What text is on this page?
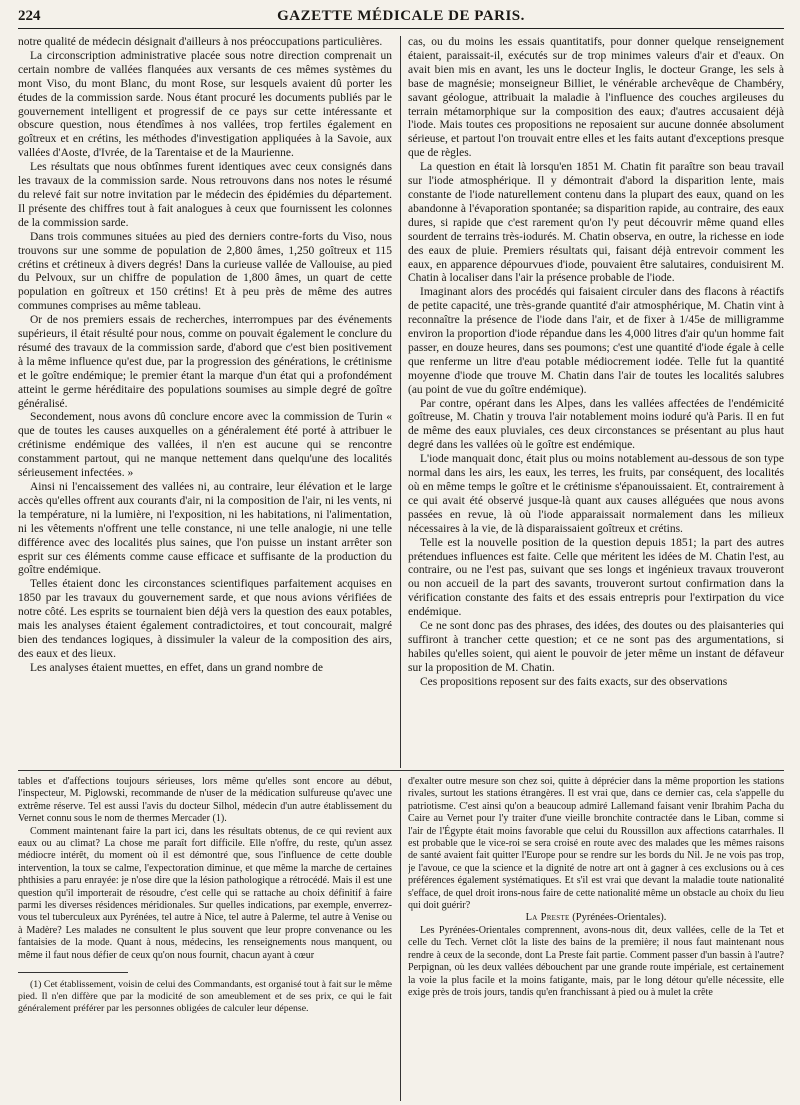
224	GAZETTE MÉDICALE DE PARIS.

notre qualité de médecin désignait d'ailleurs à nos préoccupations particulières.

La circonscription administrative placée sous notre direction comprenait un certain nombre de vallées flanquées aux versants de ces mêmes systèmes du mont Viso, du mont Blanc, du mont Rose, sur lesquels avaient dû porter les études de la commission sarde. Nous étant procuré les documents publiés par le gouvernement intelligent et progressif de ce pays sur cette intéressante et obscure question, nous étendîmes à nos vallées, trop fertiles également en goîtreux et en crétins, les méthodes d'investigation appliquées à la Savoie, aux vallées d'Aoste, d'Ivrée, de la Tarentaise et de la Maurienne.

Les résultats que nous obtînmes furent identiques avec ceux consignés dans les travaux de la commission sarde. Nous retrouvons dans nos notes le résumé du relevé fait sur notre invitation par le médecin des épidémies du département. Il présente des chiffres tout à fait analogues à ceux que fournissent les colonnes de la commission sarde.

Dans trois communes situées au pied des derniers contre-forts du Viso, nous trouvons sur une somme de population de 2,800 âmes, 1,250 goîtreux et 115 crétins et crétineux à divers degrés! Dans la curieuse vallée de Vallouise, au pied du Pelvoux, sur un chiffre de population de 1,800 âmes, un quart de cette population en goîtreux et 150 crétins! Et à peu près de même des autres communes comprises au même tableau.

Or de nos premiers essais de recherches, interrompues par des événements supérieurs, il était résulté pour nous, comme on pouvait également le conclure du résumé des travaux de la commission sarde, d'abord que c'est bien positivement à la même influence qu'est due, par la progression des générations, le crétinisme et le goître endémique; le premier étant la marque d'un état qui a profondément atteint le germe héréditaire des populations soumises au simple degré de goître généralisé.

Secondement, nous avons dû conclure encore avec la commission de Turin « que de toutes les causes auxquelles on a généralement été porté à attribuer le crétinisme endémique des vallées, il n'en est aucune qui se rencontre constamment partout, qui ne manque nettement dans quelqu'une des localités sérieusement infectées. »

Ainsi ni l'encaissement des vallées ni, au contraire, leur élévation et le large accès qu'elles offrent aux courants d'air, ni la composition de l'air, ni les vents, ni la température, ni la lumière, ni l'exposition, ni les habitations, ni l'alimentation, ni les vêtements n'offrent une telle constance, ni une telle analogie, ni une telle différence avec des localités plus saines, que l'on puisse un instant arrêter son esprit sur ces éléments comme cause efficace et suffisante de la production du goître endémique.

Telles étaient donc les circonstances scientifiques parfaitement acquises en 1850 par les travaux du gouvernement sarde, et que nous avions vérifiées de notre côté. Les esprits se tournaient bien déjà vers la question des eaux potables, mais les analyses étaient également contradictoires, et tout concourait, malgré bien des tendances logiques, à dissimuler la valeur de la composition des airs, des eaux et des lieux.

Les analyses étaient muettes, en effet, dans un grand nombre de

cas, ou du moins les essais quantitatifs, pour donner quelque renseignement étaient, paraissait-il, exécutés sur de trop minimes valeurs d'air et d'eaux. On avait bien mis en avant, les uns le docteur Inglis, le docteur Grange, les sels à base de magnésie; monseigneur Billiet, le vénérable archevêque de Chambéry, savant géologue, attribuait la maladie à l'influence des couches argileuses du terrain métamorphique sur la composition des eaux; d'autres accusaient déjà l'iode. Mais toutes ces propositions ne reposaient sur aucune donnée absolument sérieuse, et partout l'on trouvait entre elles et les faits autant d'exceptions presque que de règles.

La question en était là lorsqu'en 1851 M. Chatin fit paraître son beau travail sur l'iode atmosphérique. Il y démontrait d'abord la disparition lente, mais constante de l'iode naturellement contenu dans la plupart des eaux, quand on les abandonne à l'évaporation spontanée; sa disparition rapide, au contraire, des eaux dures, si rapide que c'est rarement qu'on l'y peut découvrir même quand elles sourdent de terrains très-iodurés. M. Chatin observa, en outre, la richesse en iode des eaux de pluie. Premiers résultats qui, faisant déjà entrevoir comment les eaux, en apparence dépourvues d'iode, pouvaient être salutaires, conduisirent M. Chatin à localiser dans l'air la présence probable de l'iode.

Imaginant alors des procédés qui faisaient circuler dans des flacons à réactifs de petite capacité, une très-grande quantité d'air atmosphérique, M. Chatin vint à reconnaître la présence de l'iode dans l'air, et de fixer à 1/45e de milligramme environ la proportion d'iode répandue dans les 4,000 litres d'air qu'un homme fait passer, en douze heures, dans ses poumons; c'est une quantité d'iode égale à celle que renferme un litre d'eau potable médiocrement iodée. Telle fut la quantité moyenne d'iode que trouve M. Chatin dans l'air de toutes les localités salubres (au point de vue du goître endémique).

Par contre, opérant dans les Alpes, dans les vallées affectées de l'endémicité goîtreuse, M. Chatin y trouva l'air notablement moins ioduré qu'à Paris. Il en fut de même des eaux pluviales, ces deux circonstances se présentant au plus haut degré dans les vallées où le goître est endémique.

L'iode manquait donc, était plus ou moins notablement au-dessous de son type normal dans les airs, les eaux, les terres, les fruits, par conséquent, des localités où en même temps le goître et le crétinisme s'épanouissaient. Et, contrairement à ce qui avait été observé jusque-là quant aux causes alléguées que nous avons passées en revue, là où l'iode apparaissait normalement dans les milieux nécessaires à la vie, de là disparaissaient goîtreux et crétins.

Telle est la nouvelle position de la question depuis 1851; la part des autres prétendues influences est faite. Celle que méritent les idées de M. Chatin l'est, au contraire, ou ne l'est pas, suivant que ses longs et ingénieux travaux trouveront ou non accueil de la part des savants, trouveront surtout confirmation dans la vérification constante des faits et des essais entrepris pour l'extirpation du vice endémique.

Ce ne sont donc pas des phrases, des idées, des doutes ou des plaisanteries qui suffiront à trancher cette question; et ce ne sont pas des argumentations, si habiles qu'elles soient, qui aient le pouvoir de jeter même un instant de défaveur sur la proposition de M. Chatin.

Ces propositions reposent sur des faits exacts, sur des observations

tables et d'affections toujours sérieuses, lors même qu'elles sont encore au début, l'inspecteur, M. Piglowski, recommande de n'user de la médication sulfureuse qu'avec une extrême réserve. Tel est aussi l'avis du docteur Silhol, médecin d'un autre établissement du Vernet connu sous le nom de thermes Mercader (1).

Comment maintenant faire la part ici, dans les résultats obtenus, de ce qui revient aux eaux ou au climat? La chose me paraît fort difficile. Elle n'offre, du reste, qu'un assez médiocre intérêt, du moment où il est démontré que, sous l'influence de cette double intervention, la toux se calme, l'expectoration diminue, et que même la marche de certaines phthisies a paru enrayée: je n'ose dire que la lésion pathologique a rétrocédé. Mais il est une question qu'il importerait de résoudre, c'est celle qui se rattache au choix définitif à faire parmi les diverses résidences méridionales. Sur quelles indications, par exemple, enverrez-vous tel tuberculeux aux Pyrénées, tel autre à Nice, tel autre à Palerme, tel autre à Venise ou à Madère? Les malades ne consultent le plus souvent que leur propre convenance ou les fantaisies de la mode. Quant à nous, médecins, les renseignements nous manquent, ou même il faut nous défier de ceux qu'on nous fournit, chacun ayant à cœur

(1) Cet établissement, voisin de celui des Commandants, est organisé tout à fait sur le même pied. Il n'en diffère que par la modicité de son ameublement et de ses prix, ce qui le fait généralement préférer par les personnes obligées de calculer leur dépense.

d'exalter outre mesure son chez soi, quitte à déprécier dans la même proportion les stations rivales, surtout les stations étrangères. Il est vrai que, dans ce dernier cas, cela s'appelle du patriotisme. C'est ainsi qu'on a beaucoup admiré Lallemand faisant venir Ibrahim Pacha du Caire au Vernet pour l'y traiter d'une vieille bronchite contractée dans le Liban, comme si l'air de l'Égypte était moins favorable que celui du Roussillon aux affections catarrhales. Il est probable que le vice-roi se sera croisé en route avec des malades que les mêmes raisons de santé avaient fait quitter l'Europe pour se rendre sur les bords du Nil. Je ne vois pas trop, je l'avoue, ce que la science et la dignité de notre art ont à gagner à ces exclusions ou à ces préférences également systématiques. Et s'il est vrai que devant la maladie toute nationalité s'efface, de quel droit irons-nous faire de cette nationalité même un obstacle au choix du lieu qui doit guérir?

La Preste (Pyrénées-Orientales).

Les Pyrénées-Orientales comprennent, avons-nous dit, deux vallées, celle de la Tet et celle du Tech. Vernet clôt la liste des bains de la première; il nous faut maintenant nous rendre à ceux de la seconde, dont La Preste fait partie. Comment passer d'un bassin à l'autre? Perpignan, où les deux vallées débouchent par une grande route impériale, est certainement la voie la plus facile et la moins fatigante, mais, par le long détour qu'elle nécessite, elle exige près de trois jours, tandis qu'en franchissant à pied ou à mulet la crête
